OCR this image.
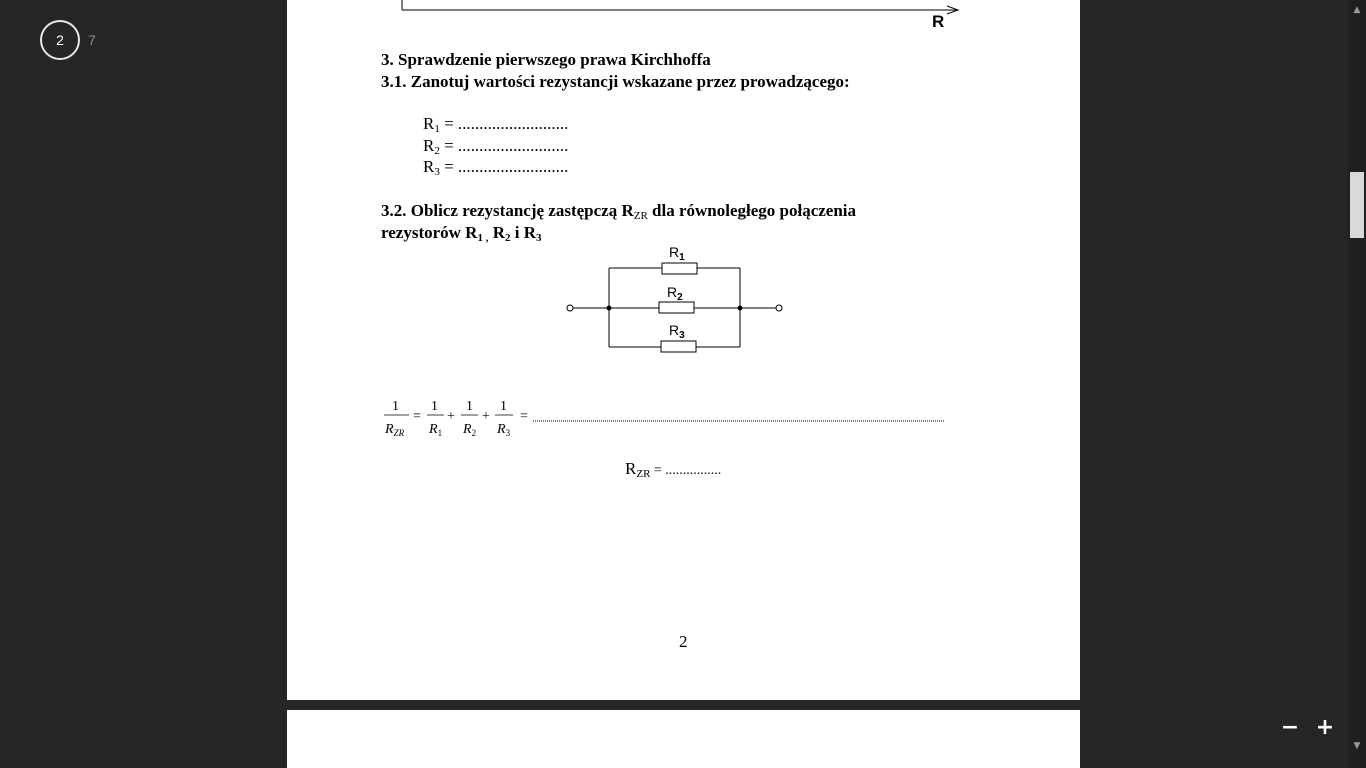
2	7
R
3. Sprawdzenie pierwszego prawa Kirchhoffa
3.1. Zanotuj wartości rezystancji wskazane przez prowadzącego:
$R_1$ = ..........................
$R_2$ = ..........................
$R_3$ = ..........................
3.2. Oblicz rezystancję zastępczą $R_{ZR}$ dla równoległego połączenia
rezystorów $R_{1 ,}$ $R_2$ i $R_3$
$R_1$
$R_2$
$R_3$
1
$R_{ZR}$
=
1
$R_1$
+
1
$R_2$
+
1
$R_3$
=
$R_{ZR}$ = ................
2
▲
▼
− +
